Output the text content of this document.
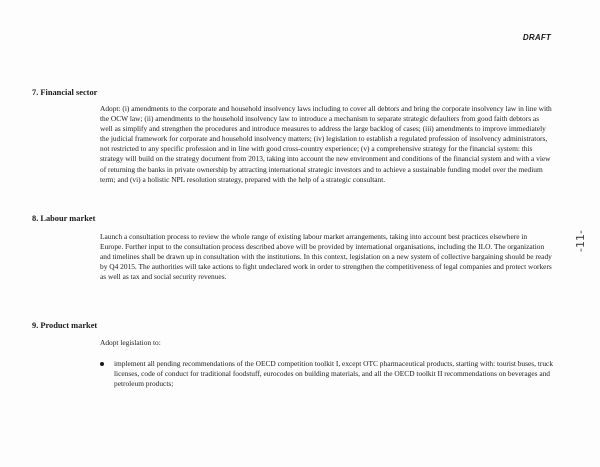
DRAFT
-11-
7. Financial sector
Adopt: (i) amendments to the corporate and household insolvency laws including to cover all debtors and bring the corporate insolvency law in line with the OCW law; (ii) amendments to the household insolvency law to introduce a mechanism to separate strategic defaulters from good faith debtors as well as simplify and strengthen the procedures and introduce measures to address the large backlog of cases; (iii) amendments to improve immediately the judicial framework for corporate and household insolvency matters; (iv) legislation to establish a regulated profession of insolvency administrators, not restricted to any specific profession and in line with good cross-country experience; (v) a comprehensive strategy for the financial system: this strategy will build on the strategy document from 2013, taking into account the new environment and conditions of the financial system and with a view of returning the banks in private ownership by attracting international strategic investors and to achieve a sustainable funding model over the medium term; and (vi) a holistic NPL resolution strategy, prepared with the help of a strategic consultant.
8. Labour market
Launch a consultation process to review the whole range of existing labour market arrangements, taking into account best practices elsewhere in Europe. Further input to the consultation process described above will be provided by international organisations, including the ILO. The organization and timelines shall be drawn up in consultation with the institutions. In this context, legislation on a new system of collective bargaining should be ready by Q4 2015. The authorities will take actions to fight undeclared work in order to strengthen the competitiveness of legal companies and protect workers as well as tax and social security revenues.
9. Product market
Adopt legislation to:
implement all pending recommendations of the OECD competition toolkit I, except OTC pharmaceutical products, starting with: tourist buses, truck licenses, code of conduct for traditional foodstuff, eurocodes on building materials, and all the OECD toolkit II recommendations on beverages and petroleum products;
